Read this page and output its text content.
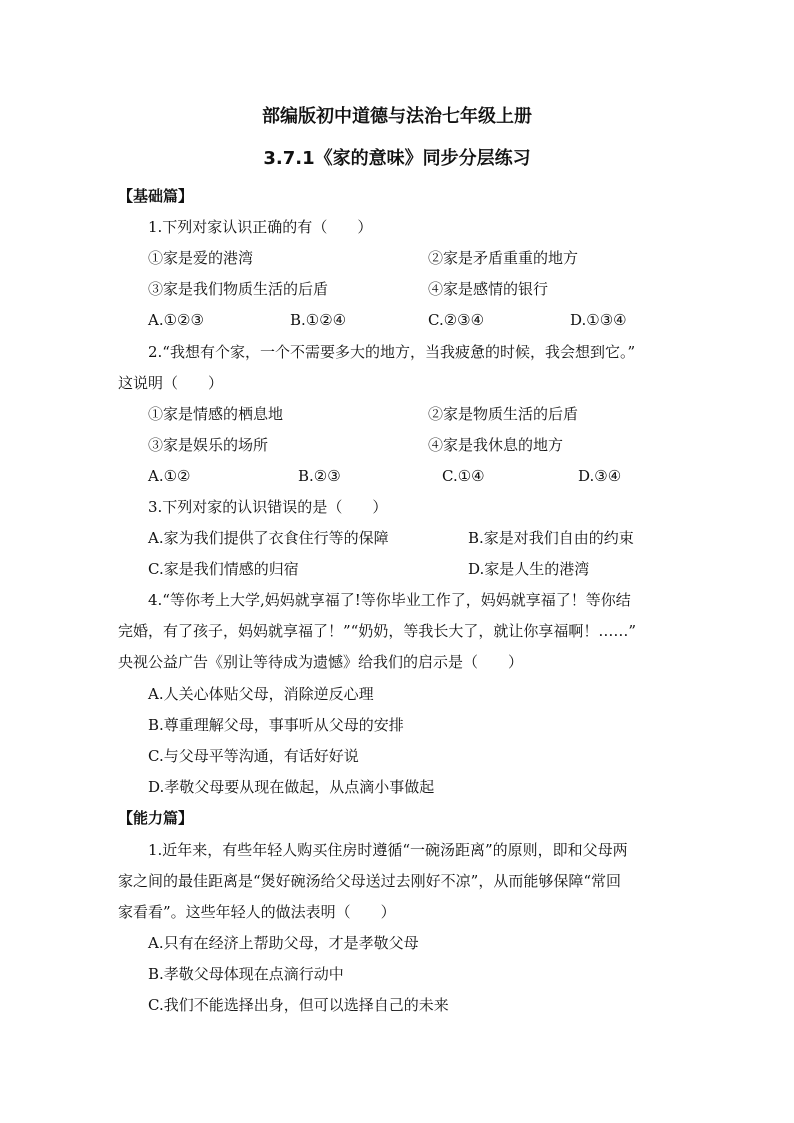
部编版初中道德与法治七年级上册
3.7.1《家的意味》同步分层练习
【基础篇】
1.下列对家认识正确的有（　　）
①家是爱的港湾	②家是矛盾重重的地方
③家是我们物质生活的后盾	④家是感情的银行
A.①②③	B.①②④	C.②③④	D.①③④
2.“我想有个家，一个不需要多大的地方，当我疲惫的时候，我会想到它。”
这说明（　　）
①家是情感的栖息地	②家是物质生活的后盾
③家是娱乐的场所	④家是我休息的地方
A.①②	B.②③	C.①④	D.③④
3.下列对家的认识错误的是（　　）
A.家为我们提供了衣食住行等的保障	B.家是对我们自由的约束
C.家是我们情感的归宿	D.家是人生的港湾
4.“等你考上大学,妈妈就享福了!等你毕业工作了，妈妈就享福了！等你结
完婚，有了孩子，妈妈就享福了！”“奶奶，等我长大了，就让你享福啊！……”
央视公益广告《别让等待成为遗憾》给我们的启示是（　　）
A.人关心体贴父母，消除逆反心理
B.尊重理解父母，事事听从父母的安排
C.与父母平等沟通，有话好好说
D.孝敬父母要从现在做起，从点滴小事做起
【能力篇】
1.近年来，有些年轻人购买住房时遵循“一碗汤距离”的原则，即和父母两
家之间的最佳距离是“煲好碗汤给父母送过去刚好不凉”，从而能够保障“常回
家看看”。这些年轻人的做法表明（　　）
A.只有在经济上帮助父母，才是孝敬父母
B.孝敬父母体现在点滴行动中
C.我们不能选择出身，但可以选择自己的未来
